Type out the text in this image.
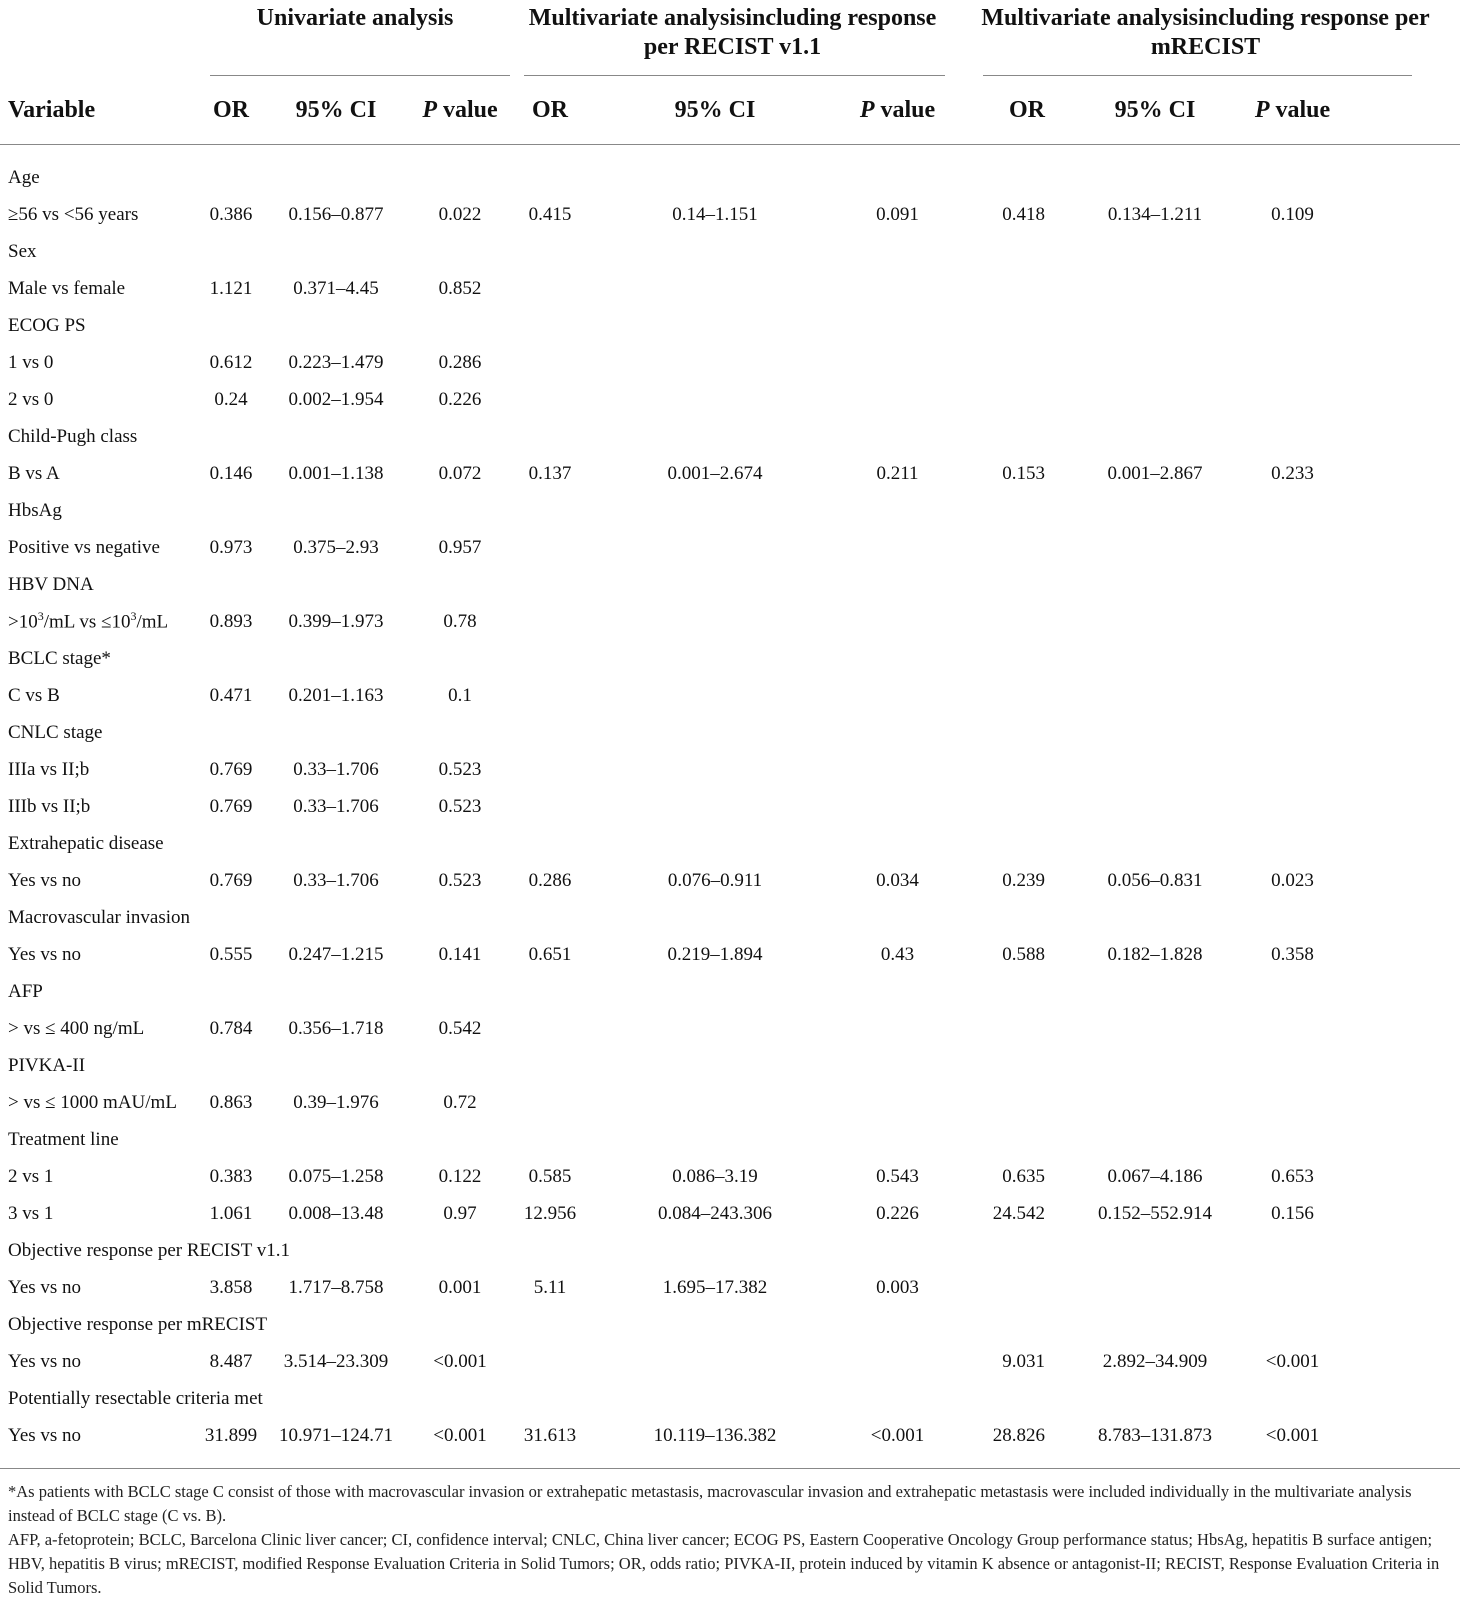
	Univariate analysis			Multivariate analysisincluding response per RECIST v1.1			Multivariate analysisincluding response per mRECIST			

Variable	OR	95% CI	P value	OR	95% CI	P value	OR	95% CI	P value	

Age										
≥56 vs <56 years	0.386	0.156–0.877	0.022	0.415	0.14–1.151	0.091	0.418	0.134–1.211	0.109	
Sex										
Male vs female	1.121	0.371–4.45	0.852							
ECOG PS										
1 vs 0	0.612	0.223–1.479	0.286							
2 vs 0	0.24	0.002–1.954	0.226							
Child-Pugh class										
B vs A	0.146	0.001–1.138	0.072	0.137	0.001–2.674	0.211	0.153	0.001–2.867	0.233	
HbsAg										
Positive vs negative	0.973	0.375–2.93	0.957							
HBV DNA										
$>10^3/mL$ vs $\le 10^3/mL$	0.893	0.399–1.973	0.78							
BCLC stage*										
C vs B	0.471	0.201–1.163	0.1							
CNLC stage										
IIIa vs II;b	0.769	0.33–1.706	0.523							
IIIb vs II;b	0.769	0.33–1.706	0.523							
Extrahepatic disease										
Yes vs no	0.769	0.33–1.706	0.523	0.286	0.076–0.911	0.034	0.239	0.056–0.831	0.023	
Macrovascular invasion										
Yes vs no	0.555	0.247–1.215	0.141	0.651	0.219–1.894	0.43	0.588	0.182–1.828	0.358	
AFP										
> vs ≤ 400 ng/mL	0.784	0.356–1.718	0.542							
PIVKA-II										
> vs ≤ 1000 mAU/mL	0.863	0.39–1.976	0.72							
Treatment line										
2 vs 1	0.383	0.075–1.258	0.122	0.585	0.086–3.19	0.543	0.635	0.067–4.186	0.653	
3 vs 1	1.061	0.008–13.48	0.97	12.956	0.084–243.306	0.226	24.542	0.152–552.914	0.156	
Objective response per RECIST v1.1										
Yes vs no	3.858	1.717–8.758	0.001	5.11	1.695–17.382	0.003				
Objective response per mRECIST										
Yes vs no	8.487	3.514–23.309	<0.001				9.031	2.892–34.909	<0.001	
Potentially resectable criteria met										
Yes vs no	31.899	10.971–124.71	<0.001	31.613	10.119–136.382	<0.001	28.826	8.783–131.873	<0.001	

*As patients with BCLC stage C consist of those with macrovascular invasion or extrahepatic metastasis, macrovascular invasion and extrahepatic metastasis were included individually in the multivariate analysis instead of BCLC stage (C vs. B).

AFP, a-fetoprotein; BCLC, Barcelona Clinic liver cancer; CI, confidence interval; CNLC, China liver cancer; ECOG PS, Eastern Cooperative Oncology Group performance status; HbsAg, hepatitis B surface antigen; HBV, hepatitis B virus; mRECIST, modified Response Evaluation Criteria in Solid Tumors; OR, odds ratio; PIVKA-II, protein induced by vitamin K absence or antagonist-II; RECIST, Response Evaluation Criteria in Solid Tumors.
